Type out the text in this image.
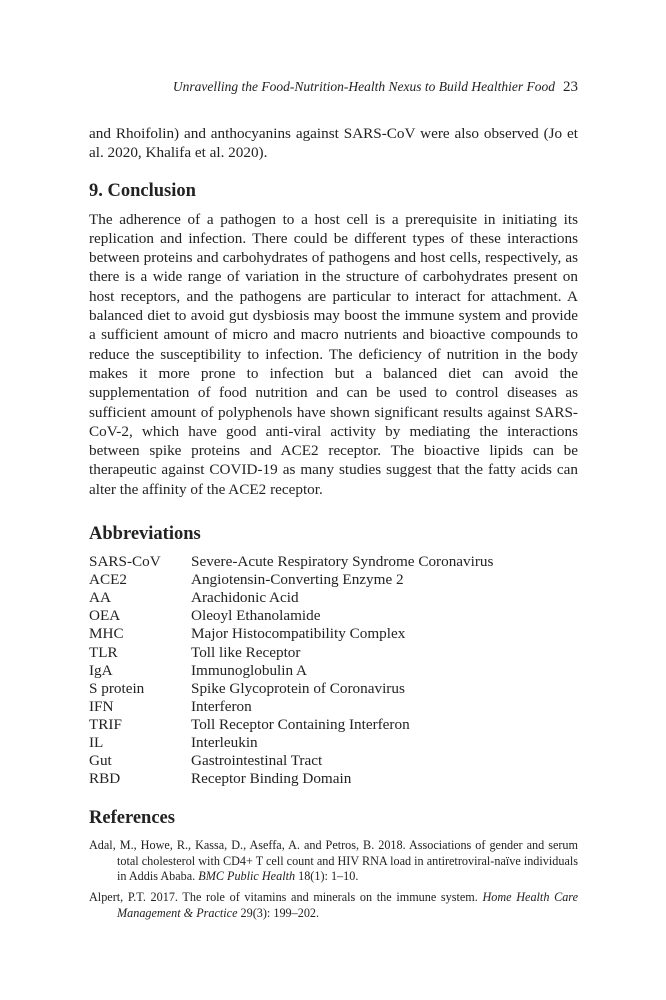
Unravelling the Food-Nutrition-Health Nexus to Build Healthier Food 23

and Rhoifolin) and anthocyanins against SARS-CoV were also observed (Jo et al. 2020, Khalifa et al. 2020).

9. Conclusion

The adherence of a pathogen to a host cell is a prerequisite in initiating its replication and infection. There could be different types of these interactions between proteins and carbohydrates of pathogens and host cells, respectively, as there is a wide range of variation in the structure of carbohydrates present on host receptors, and the pathogens are particular to interact for attachment. A balanced diet to avoid gut dysbiosis may boost the immune system and provide a sufficient amount of micro and macro nutrients and bioactive compounds to reduce the susceptibility to infection. The deficiency of nutrition in the body makes it more prone to infection but a balanced diet can avoid the supplementation of food nutrition and can be used to control diseases as sufficient amount of polyphenols have shown significant results against SARS-CoV-2, which have good anti-viral activity by mediating the interactions between spike proteins and ACE2 receptor. The bioactive lipids can be therapeutic against COVID-19 as many studies suggest that the fatty acids can alter the affinity of the ACE2 receptor.

Abbreviations
SARS-CoV	Severe-Acute Respiratory Syndrome Coronavirus
ACE2	Angiotensin-Converting Enzyme 2
AA	Arachidonic Acid
OEA	Oleoyl Ethanolamide
MHC	Major Histocompatibility Complex
TLR	Toll like Receptor
IgA	Immunoglobulin A
S protein	Spike Glycoprotein of Coronavirus
IFN	Interferon
TRIF	Toll Receptor Containing Interferon
IL	Interleukin
Gut	Gastrointestinal Tract
RBD	Receptor Binding Domain
References

Adal, M., Howe, R., Kassa, D., Aseffa, A. and Petros, B. 2018. Associations of gender and serum total cholesterol with CD4+ T cell count and HIV RNA load in antiretroviral-naïve individuals in Addis Ababa. BMC Public Health 18(1): 1–10.

Alpert, P.T. 2017. The role of vitamins and minerals on the immune system. Home Health Care Management & Practice 29(3): 199–202.
